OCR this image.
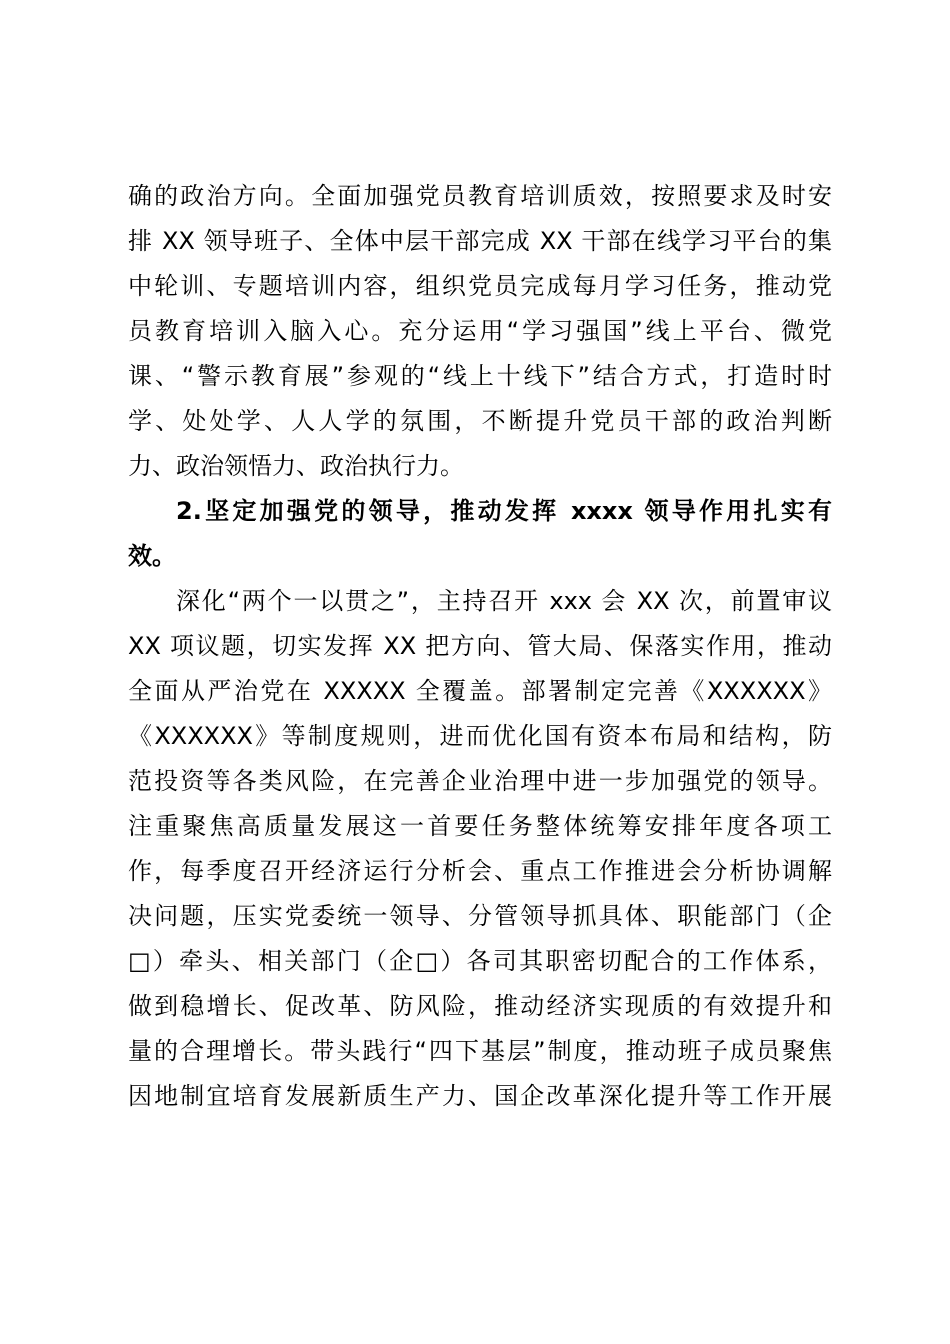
确的政治方向。全面加强党员教育培训质效，按照要求及时安
排 XX 领导班子、全体中层干部完成 XX 干部在线学习平台的集
中轮训、专题培训内容，组织党员完成每月学习任务，推动党
员教育培训入脑入心。充分运用“学习强国”线上平台、微党
课、“警示教育展”参观的“线上十线下”结合方式，打造时时
学、处处学、人人学的氛围，不断提升党员干部的政治判断
力、政治领悟力、政治执行力。
2.坚定加强党的领导，推动发挥 xxxx 领导作用扎实有
效。
深化“两个一以贯之”，主持召开 xxx 会 XX 次，前置审议
XX 项议题，切实发挥 XX 把方向、管大局、保落实作用，推动
全面从严治党在 XXXXX 全覆盖。部署制定完善《XXXXXX》
《XXXXXX》等制度规则，进而优化国有资本布局和结构，防
范投资等各类风险，在完善企业治理中进一步加强党的领导。
注重聚焦高质量发展这一首要任务整体统筹安排年度各项工
作，每季度召开经济运行分析会、重点工作推进会分析协调解
决问题，压实党委统一领导、分管领导抓具体、职能部门（企
□）牵头、相关部门（企□）各司其职密切配合的工作体系，
做到稳增长、促改革、防风险，推动经济实现质的有效提升和
量的合理增长。带头践行“四下基层”制度，推动班子成员聚焦
因地制宜培育发展新质生产力、国企改革深化提升等工作开展
